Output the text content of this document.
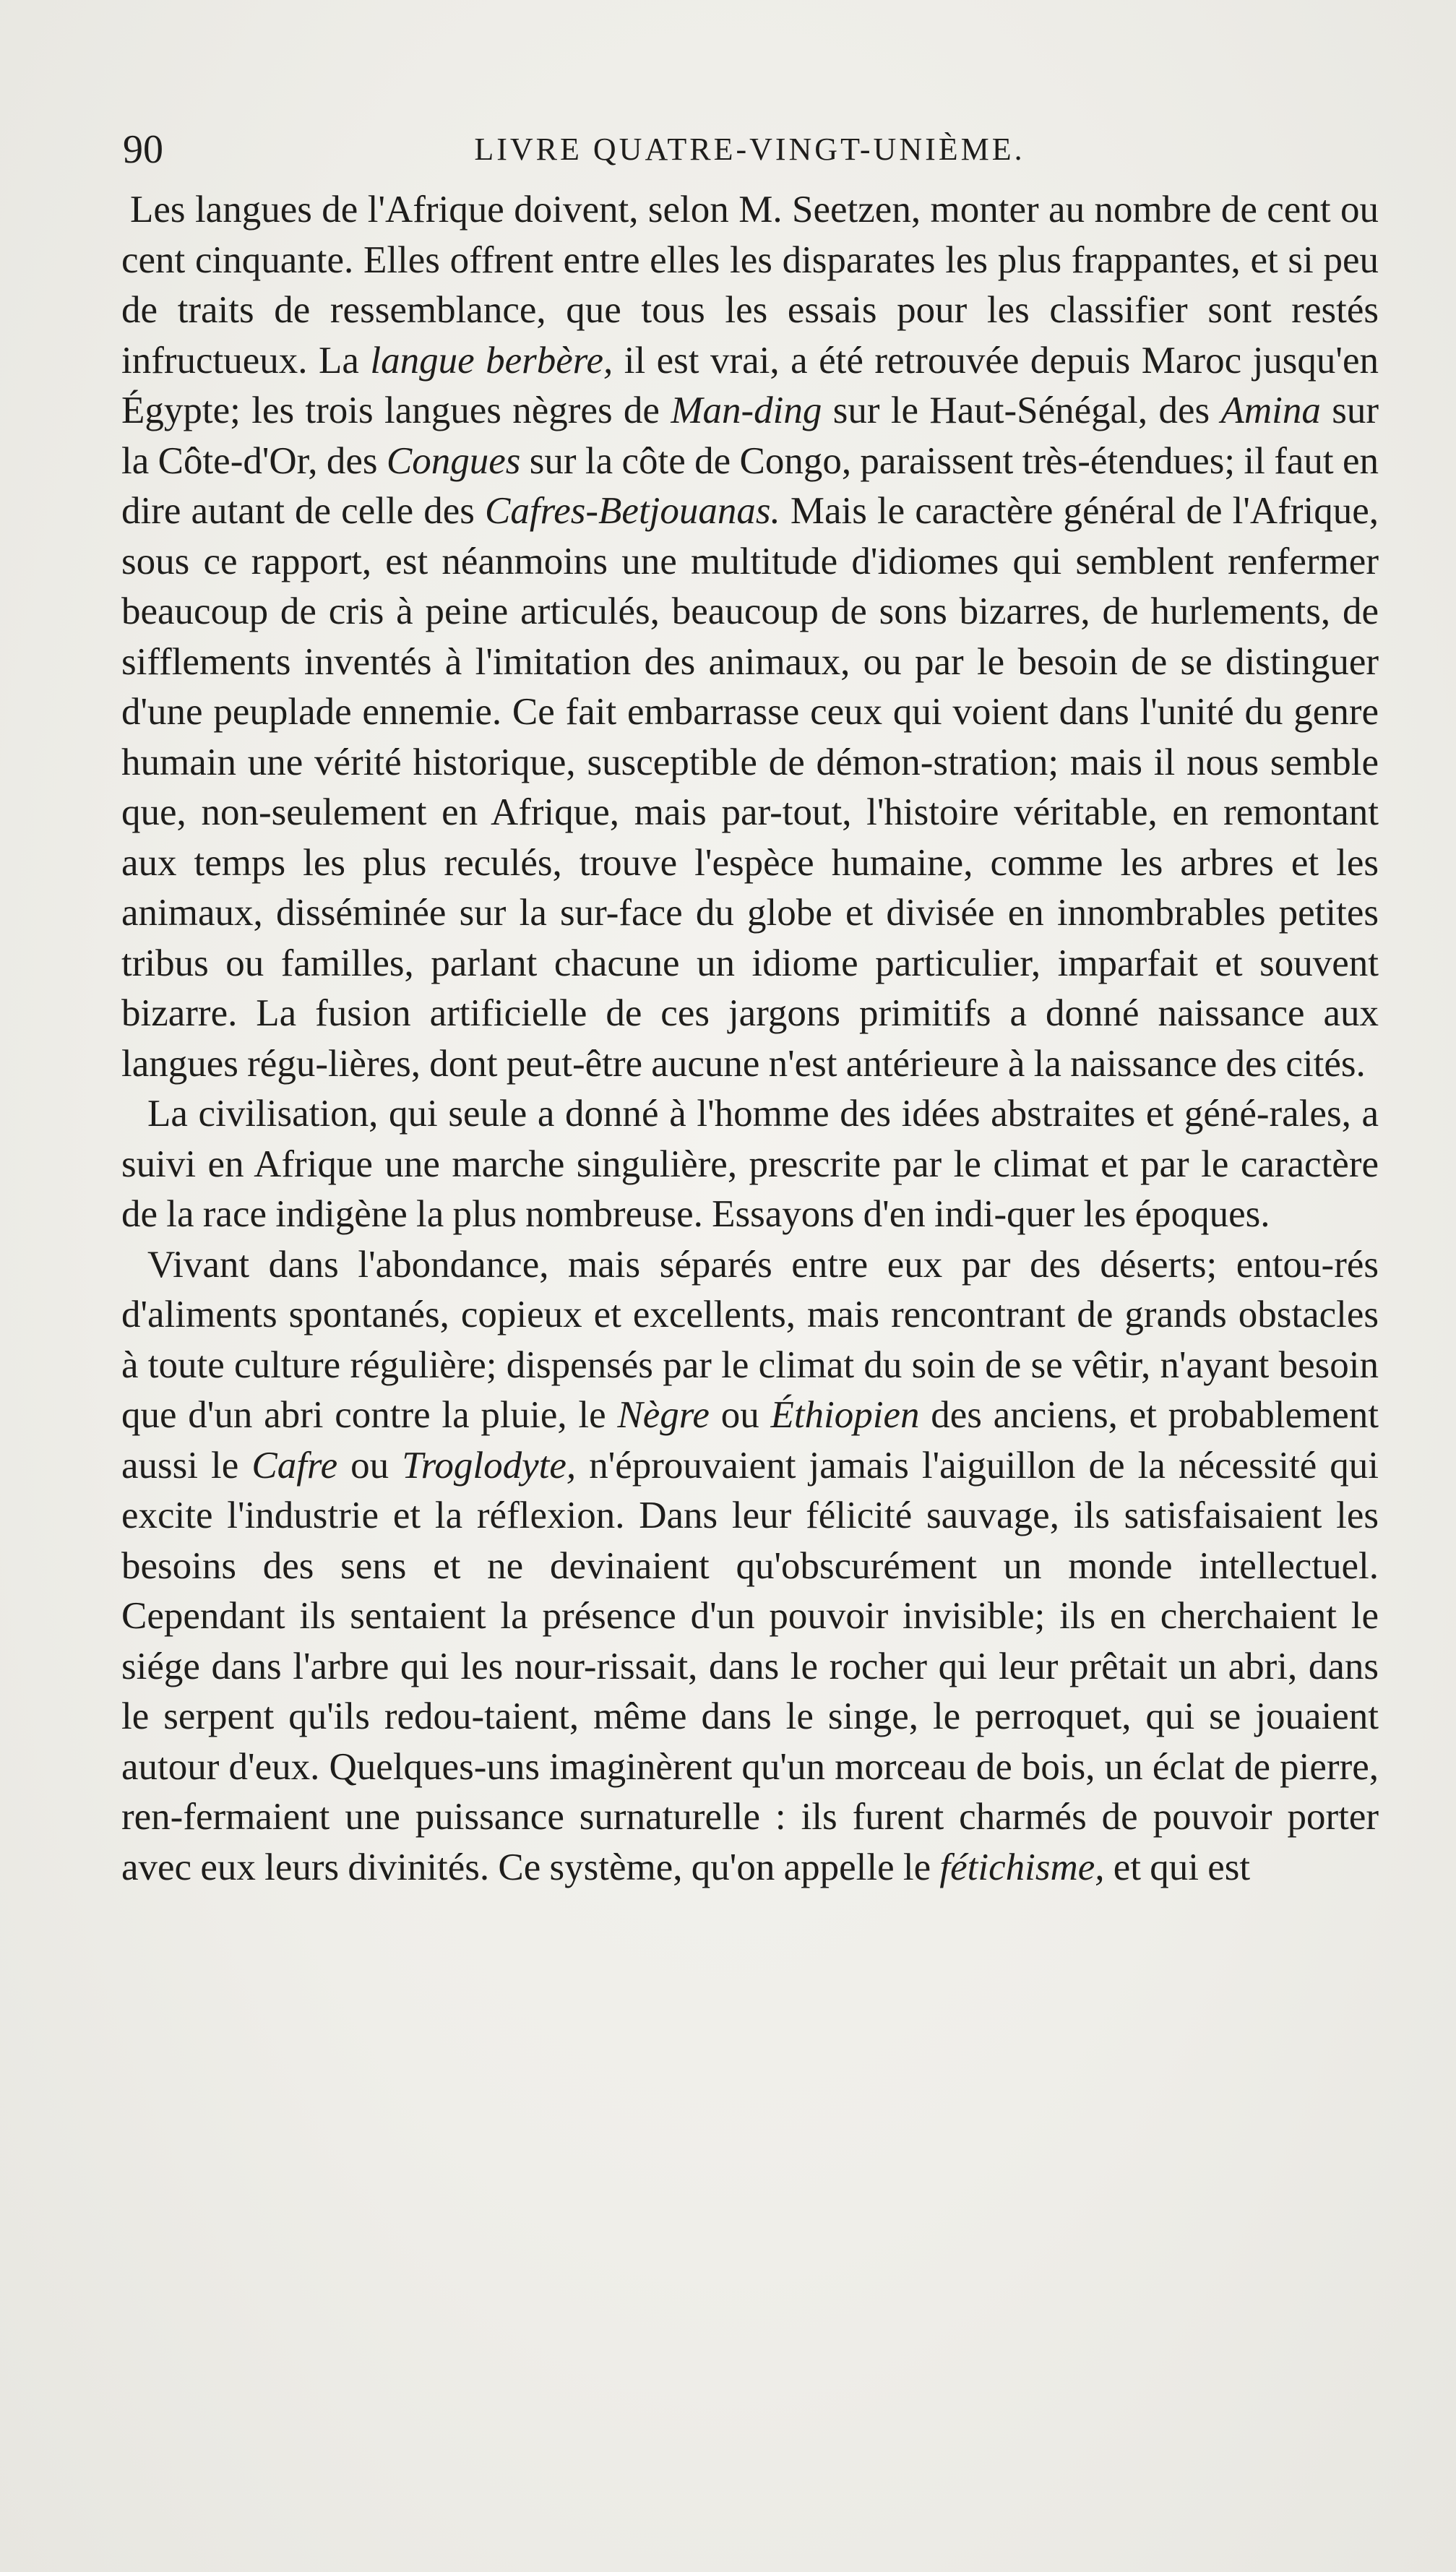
90	LIVRE QUATRE-VINGT-UNIÈME.

Les langues de l'Afrique doivent, selon M. Seetzen, monter au nombre de cent ou cent cinquante. Elles offrent entre elles les disparates les plus frappantes, et si peu de traits de ressemblance, que tous les essais pour les classifier sont restés infructueux. La langue berbère, il est vrai, a été retrouvée depuis Maroc jusqu'en Égypte; les trois langues nègres de Man-ding sur le Haut-Sénégal, des Amina sur la Côte-d'Or, des Congues sur la côte de Congo, paraissent très-étendues; il faut en dire autant de celle des Cafres-Betjouanas. Mais le caractère général de l'Afrique, sous ce rapport, est néanmoins une multitude d'idiomes qui semblent renfermer beaucoup de cris à peine articulés, beaucoup de sons bizarres, de hurlements, de sifflements inventés à l'imitation des animaux, ou par le besoin de se distinguer d'une peuplade ennemie. Ce fait embarrasse ceux qui voient dans l'unité du genre humain une vérité historique, susceptible de démon-stration; mais il nous semble que, non-seulement en Afrique, mais par-tout, l'histoire véritable, en remontant aux temps les plus reculés, trouve l'espèce humaine, comme les arbres et les animaux, disséminée sur la sur-face du globe et divisée en innombrables petites tribus ou familles, parlant chacune un idiome particulier, imparfait et souvent bizarre. La fusion artificielle de ces jargons primitifs a donné naissance aux langues régu-lières, dont peut-être aucune n'est antérieure à la naissance des cités.

La civilisation, qui seule a donné à l'homme des idées abstraites et géné-rales, a suivi en Afrique une marche singulière, prescrite par le climat et par le caractère de la race indigène la plus nombreuse. Essayons d'en indi-quer les époques.

Vivant dans l'abondance, mais séparés entre eux par des déserts; entou-rés d'aliments spontanés, copieux et excellents, mais rencontrant de grands obstacles à toute culture régulière; dispensés par le climat du soin de se vêtir, n'ayant besoin que d'un abri contre la pluie, le Nègre ou Éthiopien des anciens, et probablement aussi le Cafre ou Troglodyte, n'éprouvaient jamais l'aiguillon de la nécessité qui excite l'industrie et la réflexion. Dans leur félicité sauvage, ils satisfaisaient les besoins des sens et ne devinaient qu'obscurément un monde intellectuel. Cependant ils sentaient la présence d'un pouvoir invisible; ils en cherchaient le siége dans l'arbre qui les nour-rissait, dans le rocher qui leur prêtait un abri, dans le serpent qu'ils redou-taient, même dans le singe, le perroquet, qui se jouaient autour d'eux. Quelques-uns imaginèrent qu'un morceau de bois, un éclat de pierre, ren-fermaient une puissance surnaturelle : ils furent charmés de pouvoir porter avec eux leurs divinités. Ce système, qu'on appelle le fétichisme, et qui est
